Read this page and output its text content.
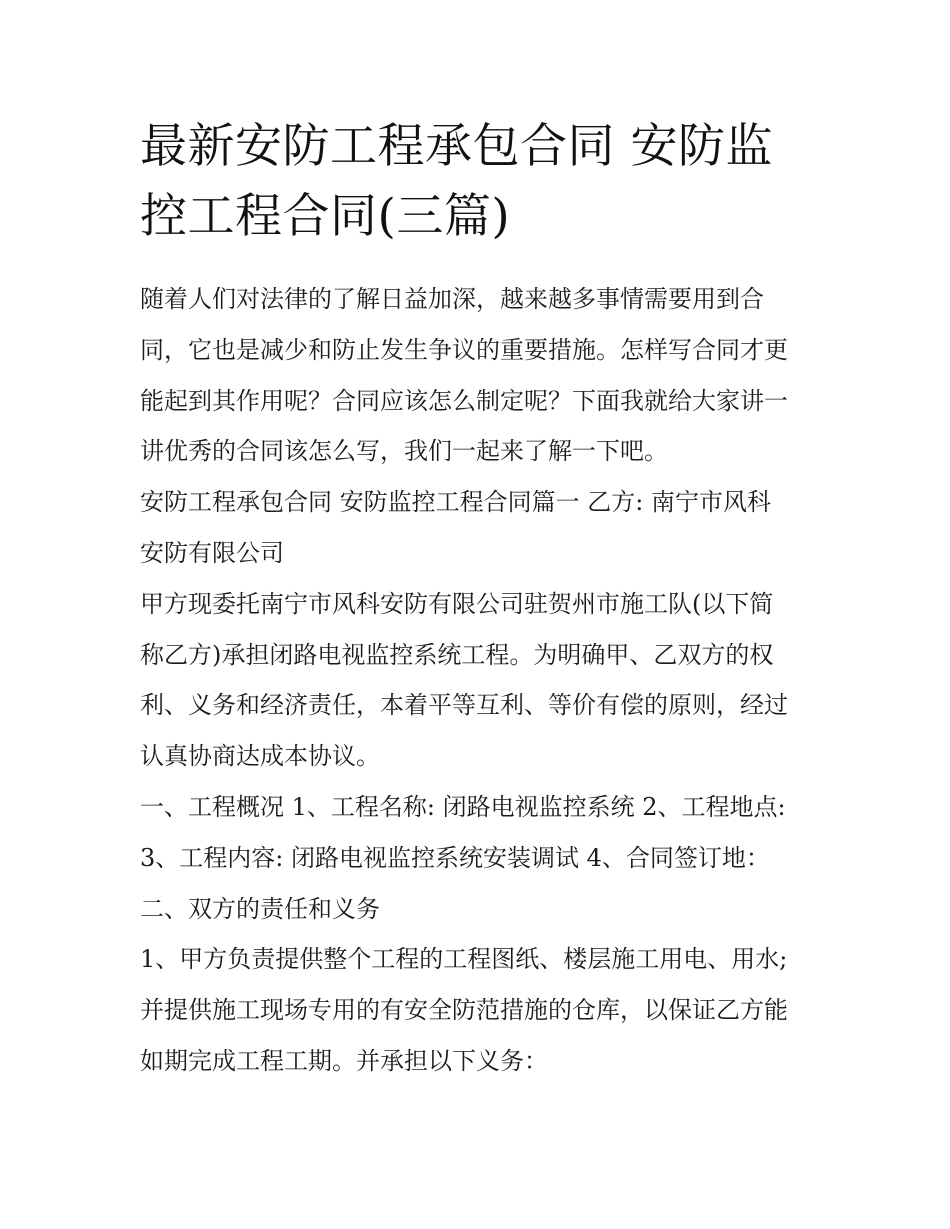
最新安防工程承包合同 安防监
控工程合同(三篇)

随着人们对法律的了解日益加深，越来越多事情需要用到合
同，它也是减少和防止发生争议的重要措施。怎样写合同才更
能起到其作用呢？合同应该怎么制定呢？下面我就给大家讲一
讲优秀的合同该怎么写，我们一起来了解一下吧。

安防工程承包合同 安防监控工程合同篇一 乙方: 南宁市风科
安防有限公司

甲方现委托南宁市风科安防有限公司驻贺州市施工队(以下简
称乙方)承担闭路电视监控系统工程。为明确甲、乙双方的权
利、义务和经济责任，本着平等互利、等价有偿的原则，经过
认真协商达成本协议。

一、工程概况 1、工程名称: 闭路电视监控系统 2、工程地点:

3、工程内容: 闭路电视监控系统安装调试 4、合同签订地：

二、双方的责任和义务

1、甲方负责提供整个工程的工程图纸、楼层施工用电、用水;
并提供施工现场专用的有安全防范措施的仓库，以保证乙方能
如期完成工程工期。并承担以下义务：
